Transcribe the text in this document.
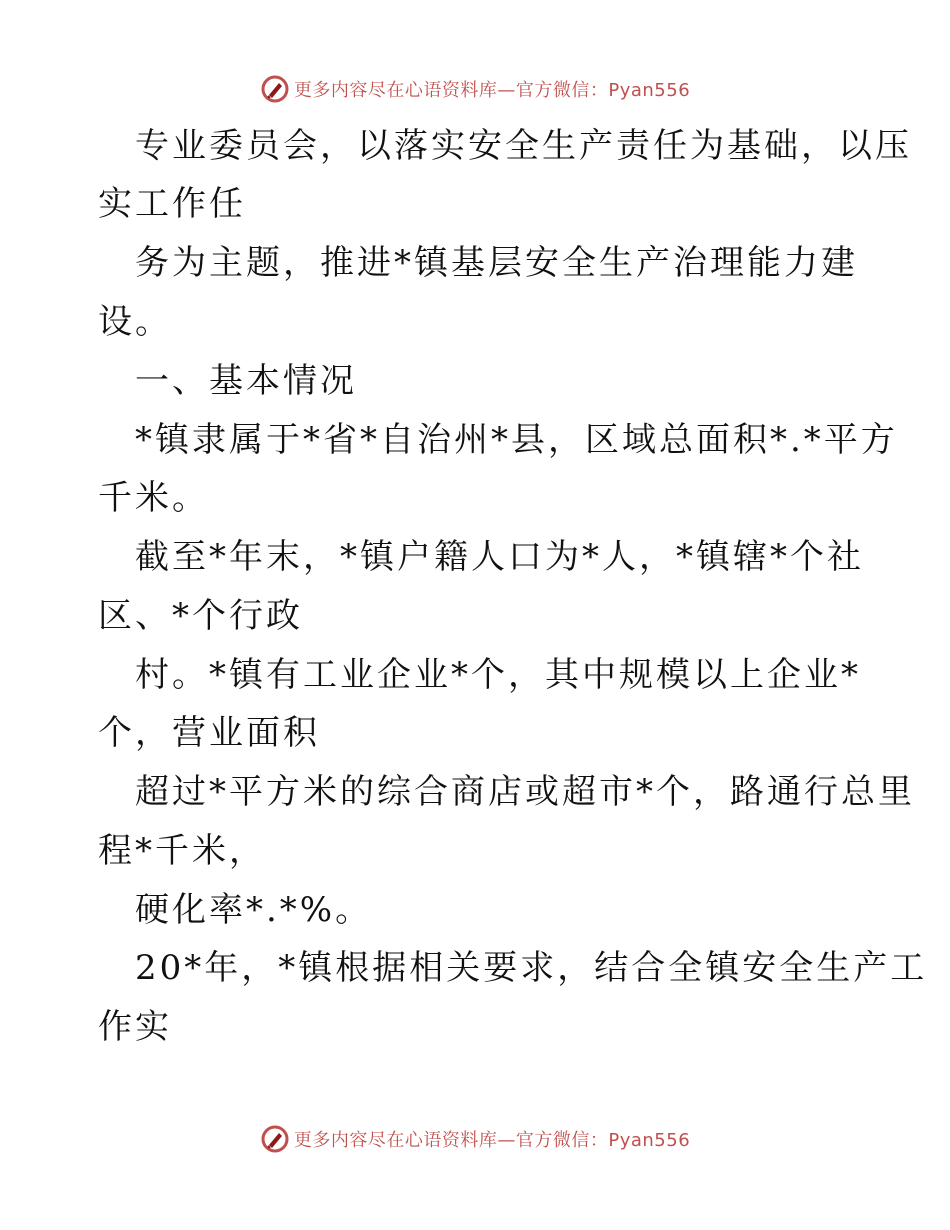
更多内容尽在心语资料库—官方微信：Pyan556
专业委员会，以落实安全生产责任为基础，以压
实工作任
务为主题，推进*镇基层安全生产治理能力建
设。
一、基本情况
*镇隶属于*省*自治州*县，区域总面积*.*平方
千米。
截至*年末，*镇户籍人口为*人，*镇辖*个社
区、*个行政
村。*镇有工业企业*个，其中规模以上企业*
个，营业面积
超过*平方米的综合商店或超市*个，路通行总里
程*千米，
硬化率*.*%。
20*年，*镇根据相关要求，结合全镇安全生产工
作实
更多内容尽在心语资料库—官方微信：Pyan556
